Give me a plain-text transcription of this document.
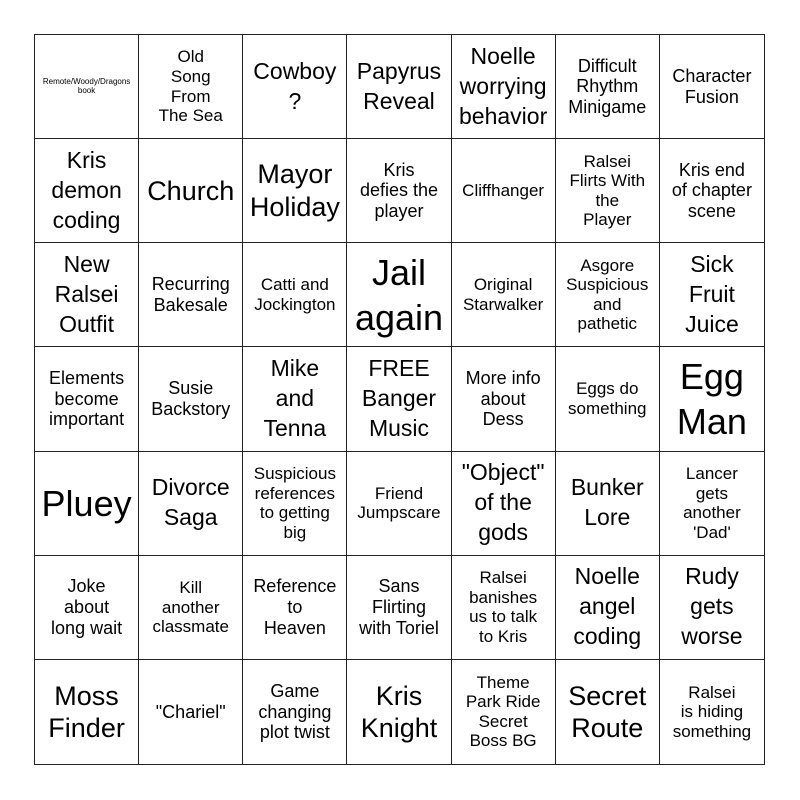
Remote/Woody/Dragons
book
Old
Song
From
The Sea
Cowboy
?
Papyrus
Reveal
Noelle
worrying
behavior
Difficult
Rhythm
Minigame
Character
Fusion
Kris
demon
coding
Church
Mayor
Holiday
Kris
defies the
player
Cliffhanger
Ralsei
Flirts With
the
Player
Kris end
of chapter
scene
New
Ralsei
Outfit
Recurring
Bakesale
Catti and
Jockington
Jail
again
Original
Starwalker
Asgore
Suspicious
and
pathetic
Sick
Fruit
Juice
Elements
become
important
Susie
Backstory
Mike
and
Tenna
FREE
Banger
Music
More info
about
Dess
Eggs do
something
Egg
Man
Pluey Divorce
Saga
Suspicious
references
to getting
big
Friend
Jumpscare
"Object"
of the
gods
Bunker
Lore
Lancer
gets
another
'Dad'
Joke
about
long wait
Kill
another
classmate
Reference
to
Heaven
Sans
Flirting
with Toriel
Ralsei
banishes
us to talk
to Kris
Noelle
angel
coding
Rudy
gets
worse
Moss
Finder
"Chariel"
Game
changing
plot twist
Kris
Knight
Theme
Park Ride
Secret
Boss BG
Secret
Route
Ralsei
is hiding
something
